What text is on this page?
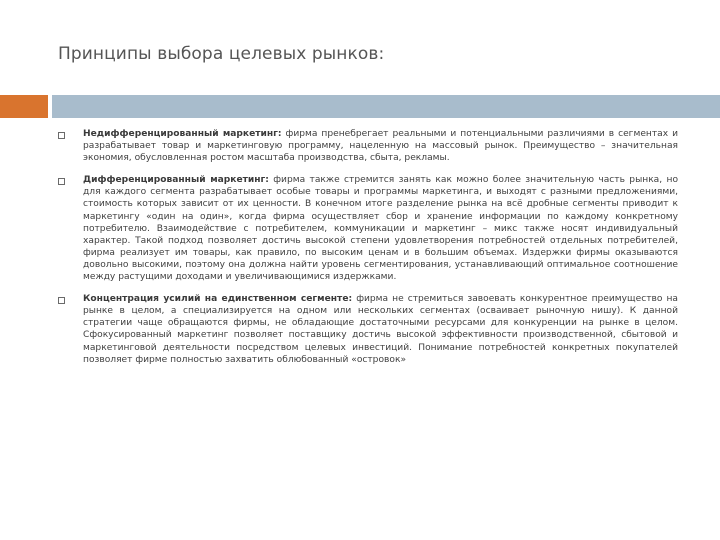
Принципы выбора целевых рынков:
Недифференцированный маркетинг: фирма пренебрегает реальными и потенциальными различиями в сегментах и разрабатывает товар и маркетинговую программу, нацеленную на массовый рынок. Преимущество – значительная экономия, обусловленная ростом масштаба производства, сбыта, рекламы.
Дифференцированный маркетинг: фирма также стремится занять как можно более значительную часть рынка, но для каждого сегмента разрабатывает особые товары и программы маркетинга, и выходят с разными предложениями, стоимость которых зависит от их ценности. В конечном итоге разделение рынка на всё дробные сегменты приводит к маркетингу «один на один», когда фирма осуществляет сбор и хранение информации по каждому конкретному потребителю. Взаимодействие с потребителем, коммуникации и маркетинг – микс также носят индивидуальный характер. Такой подход позволяет достичь высокой степени удовлетворения потребностей отдельных потребителей, фирма реализует им товары, как правило, по высоким ценам и в большим объемах. Издержки фирмы оказываются довольно высокими, поэтому она должна найти уровень сегментирования, устанавливающий оптимальное соотношение между растущими доходами и увеличивающимися издержками.
Концентрация усилий на единственном сегменте: фирма не стремиться завоевать конкурентное преимущество на рынке в целом, а специализируется на одном или нескольких сегментах (осваивает рыночную нишу). К данной стратегии чаще обращаются фирмы, не обладающие достаточными ресурсами для конкуренции на рынке в целом. Сфокусированный маркетинг позволяет поставщику достичь высокой эффективности производственной, сбытовой и маркетинговой деятельности посредством целевых инвестиций. Понимание потребностей конкретных покупателей позволяет фирме полностью захватить облюбованный «островок»
